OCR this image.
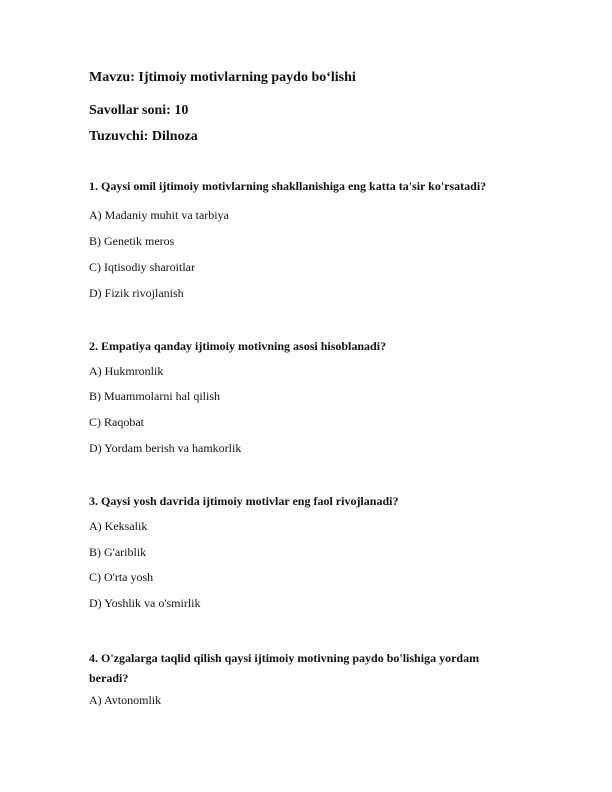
Mavzu: Ijtimoiy motivlarning paydo bo‘lishi
Savollar soni: 10
Tuzuvchi: Dilnoza
1. Qaysi omil ijtimoiy motivlarning shakllanishiga eng katta ta'sir ko'rsatadi?
A) Madaniy muhit va tarbiya
B) Genetik meros
C) Iqtisodiy sharoitlar
D) Fizik rivojlanish
2. Empatiya qanday ijtimoiy motivning asosi hisoblanadi?
A) Hukmronlik
B) Muammolarni hal qilish
C) Raqobat
D) Yordam berish va hamkorlik
3. Qaysi yosh davrida ijtimoiy motivlar eng faol rivojlanadi?
A) Keksalik
B) G'ariblik
C) O'rta yosh
D) Yoshlik va o'smirlik
4. O'zgalarga taqlid qilish qaysi ijtimoiy motivning paydo bo'lishiga yordam beradi?
A) Avtonomlik
